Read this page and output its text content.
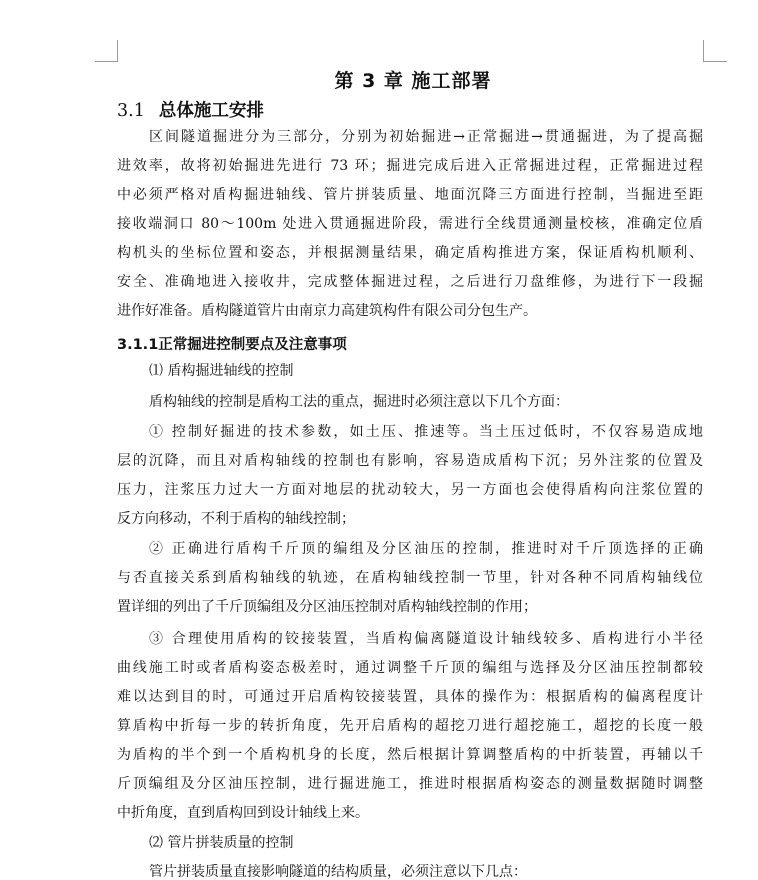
第 3 章 施工部署
3.1 总体施工安排
区间隧道掘进分为三部分，分别为初始掘进→正常掘进→贯通掘进，为了提高掘
进效率，故将初始掘进先进行 73 环；掘进完成后进入正常掘进过程，正常掘进过程
中必须严格对盾构掘进轴线、管片拼装质量、地面沉降三方面进行控制，当掘进至距
接收端洞口 80～100m 处进入贯通掘进阶段，需进行全线贯通测量校核，准确定位盾
构机头的坐标位置和姿态，并根据测量结果，确定盾构推进方案，保证盾构机顺利、
安全、准确地进入接收井，完成整体掘进过程，之后进行刀盘维修，为进行下一段掘
进作好准备。盾构隧道管片由南京力高建筑构件有限公司分包生产。
3.1.1正常掘进控制要点及注意事项
⑴ 盾构掘进轴线的控制
盾构轴线的控制是盾构工法的重点，掘进时必须注意以下几个方面：
① 控制好掘进的技术参数，如土压、推速等。当土压过低时，不仅容易造成地
层的沉降，而且对盾构轴线的控制也有影响，容易造成盾构下沉；另外注浆的位置及
压力，注浆压力过大一方面对地层的扰动较大，另一方面也会使得盾构向注浆位置的
反方向移动，不利于盾构的轴线控制；
② 正确进行盾构千斤顶的编组及分区油压的控制，推进时对千斤顶选择的正确
与否直接关系到盾构轴线的轨迹，在盾构轴线控制一节里，针对各种不同盾构轴线位
置详细的列出了千斤顶编组及分区油压控制对盾构轴线控制的作用；
③ 合理使用盾构的铰接装置，当盾构偏离隧道设计轴线较多、盾构进行小半径
曲线施工时或者盾构姿态极差时，通过调整千斤顶的编组与选择及分区油压控制都较
难以达到目的时，可通过开启盾构铰接装置，具体的操作为：根据盾构的偏离程度计
算盾构中折每一步的转折角度，先开启盾构的超挖刀进行超挖施工，超挖的长度一般
为盾构的半个到一个盾构机身的长度，然后根据计算调整盾构的中折装置，再辅以千
斤顶编组及分区油压控制，进行掘进施工，推进时根据盾构姿态的测量数据随时调整
中折角度，直到盾构回到设计轴线上来。
⑵ 管片拼装质量的控制
管片拼装质量直接影响隧道的结构质量，必须注意以下几点：
